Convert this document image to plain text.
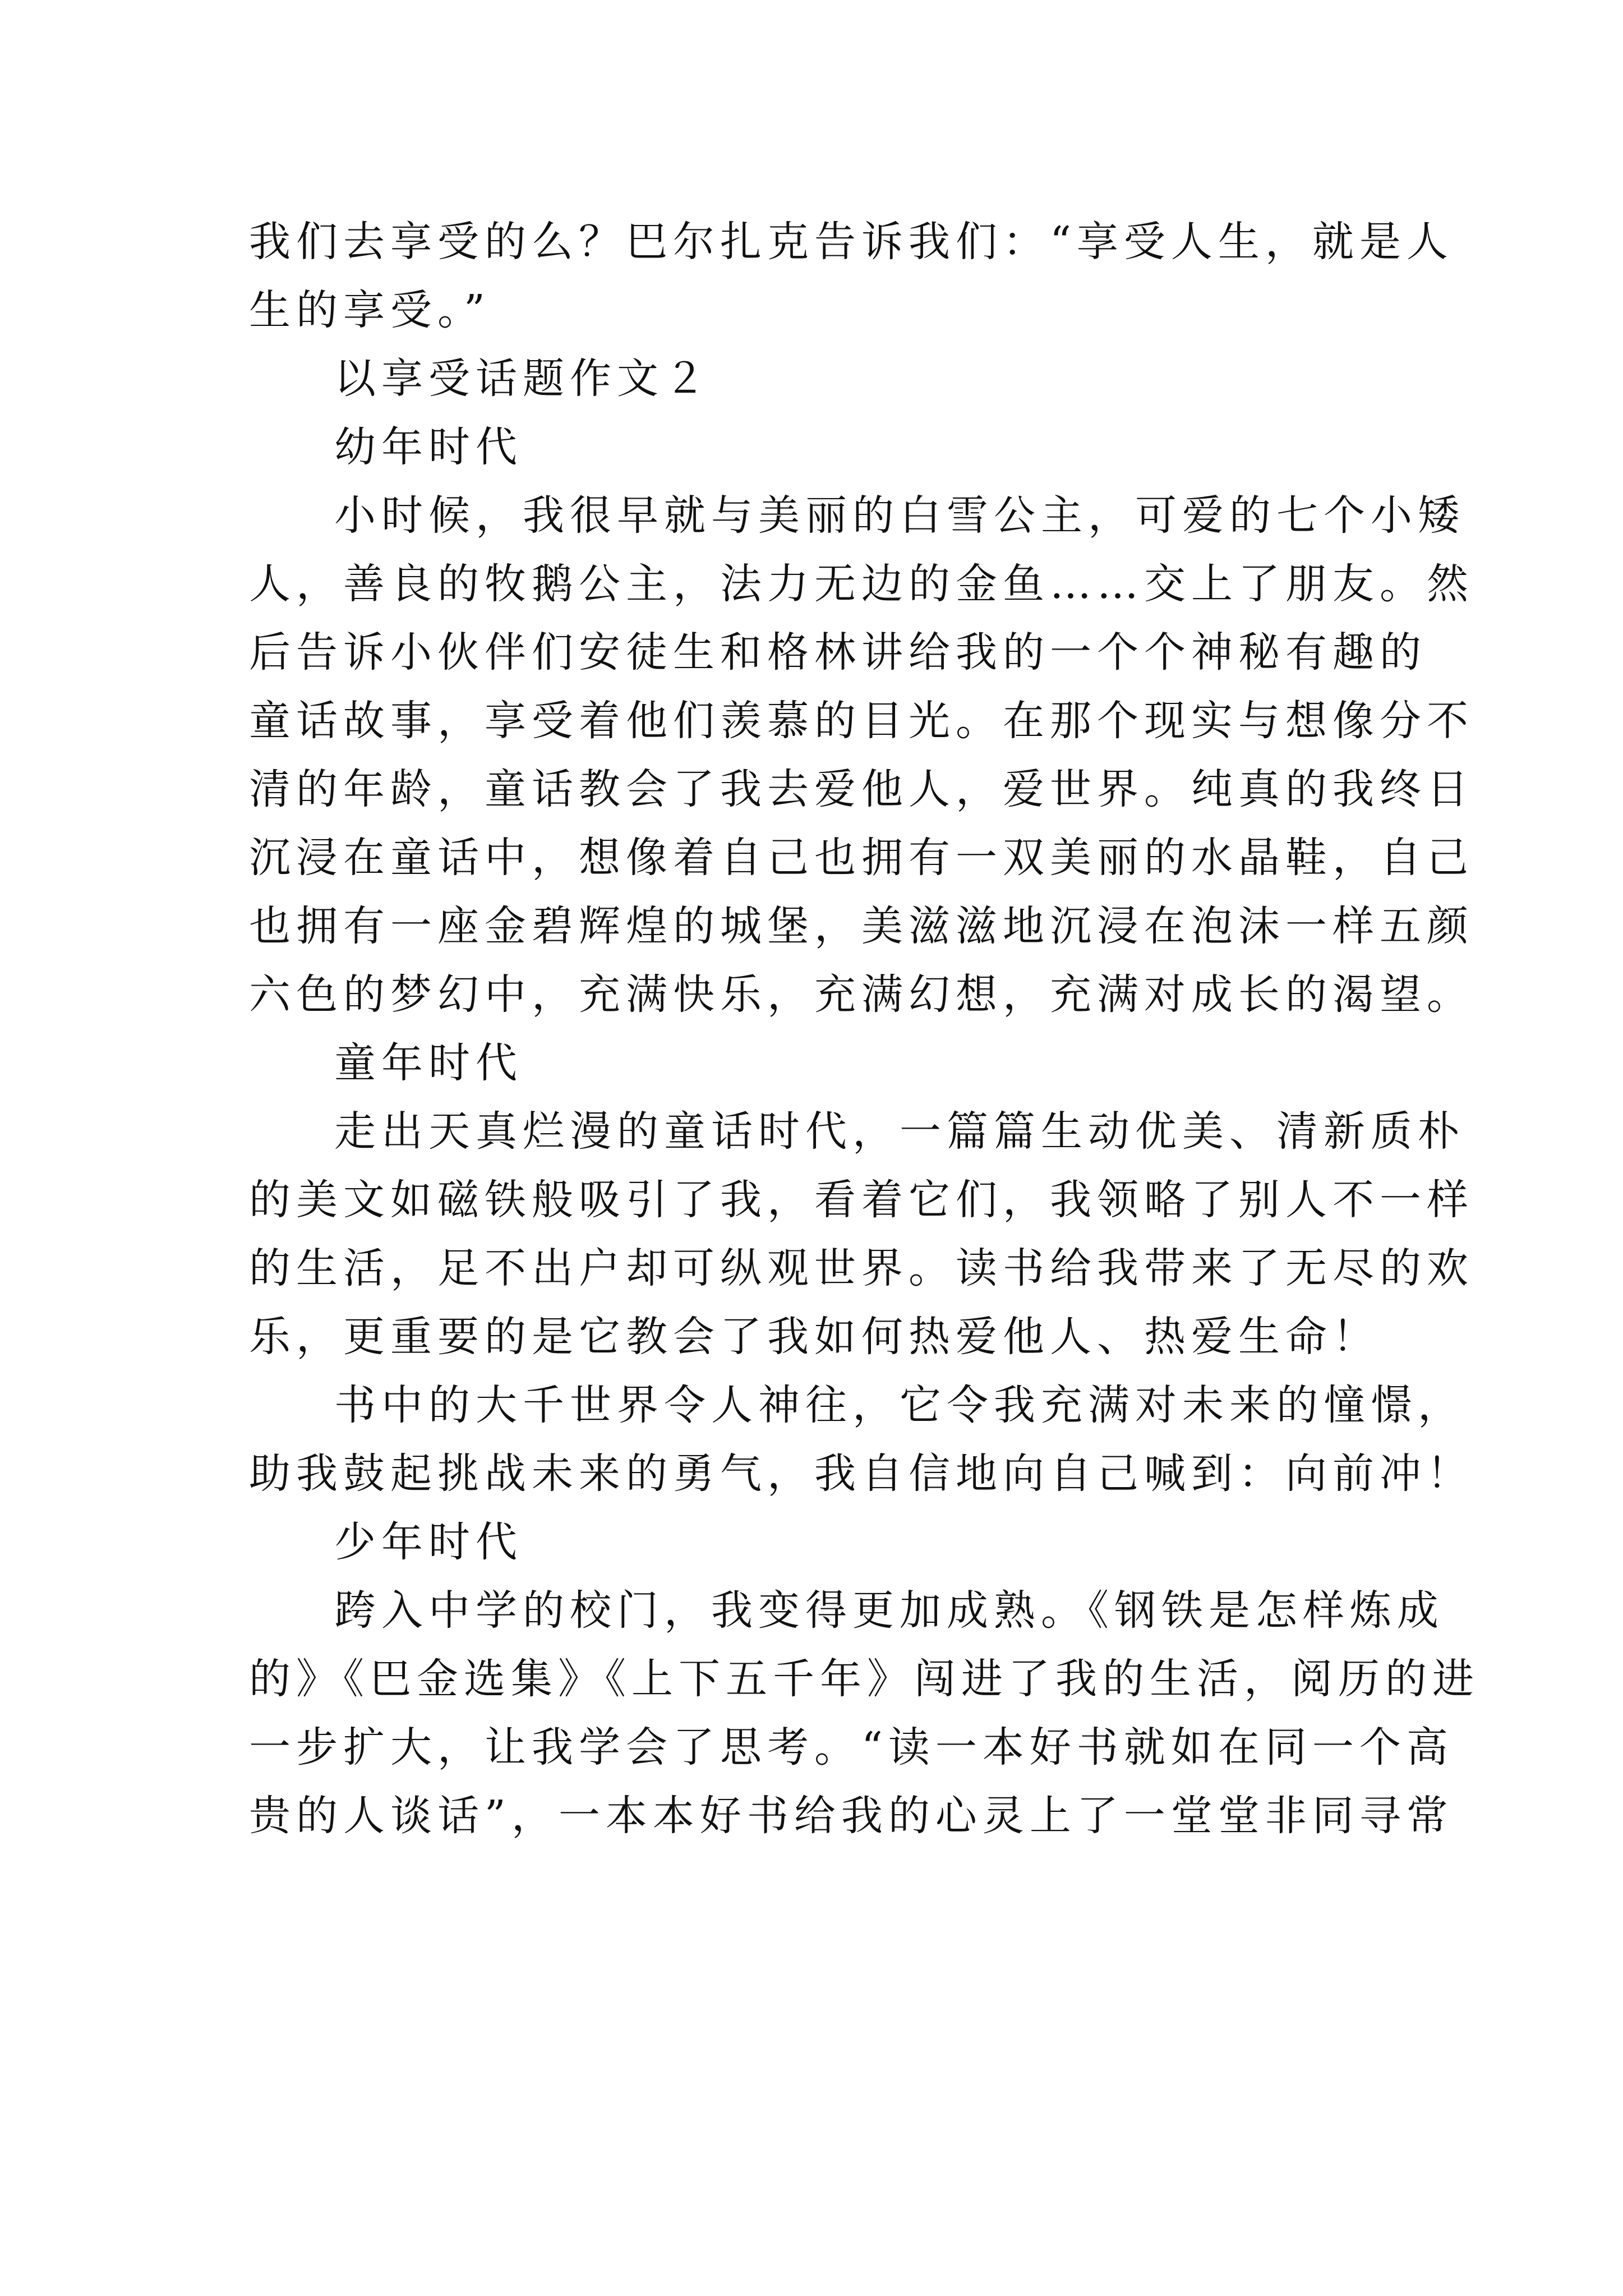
我们去享受的么？巴尔扎克告诉我们：“享受人生，就是人
生的享受。”
以享受话题作文２
幼年时代
小时候，我很早就与美丽的白雪公主，可爱的七个小矮
人，善良的牧鹅公主，法力无边的金鱼……交上了朋友。然
后告诉小伙伴们安徒生和格林讲给我的一个个神秘有趣的
童话故事，享受着他们羡慕的目光。在那个现实与想像分不
清的年龄，童话教会了我去爱他人，爱世界。纯真的我终日
沉浸在童话中，想像着自己也拥有一双美丽的水晶鞋，自己
也拥有一座金碧辉煌的城堡，美滋滋地沉浸在泡沫一样五颜
六色的梦幻中，充满快乐，充满幻想，充满对成长的渴望。
童年时代
走出天真烂漫的童话时代，一篇篇生动优美、清新质朴
的美文如磁铁般吸引了我，看着它们，我领略了别人不一样
的生活，足不出户却可纵观世界。读书给我带来了无尽的欢
乐，更重要的是它教会了我如何热爱他人、热爱生命！
书中的大千世界令人神往，它令我充满对未来的憧憬，
助我鼓起挑战未来的勇气，我自信地向自己喊到：向前冲！
少年时代
跨入中学的校门，我变得更加成熟。《钢铁是怎样炼成
的》《巴金选集》《上下五千年》闯进了我的生活，阅历的进
一步扩大，让我学会了思考。“读一本好书就如在同一个高
贵的人谈话”，一本本好书给我的心灵上了一堂堂非同寻常
